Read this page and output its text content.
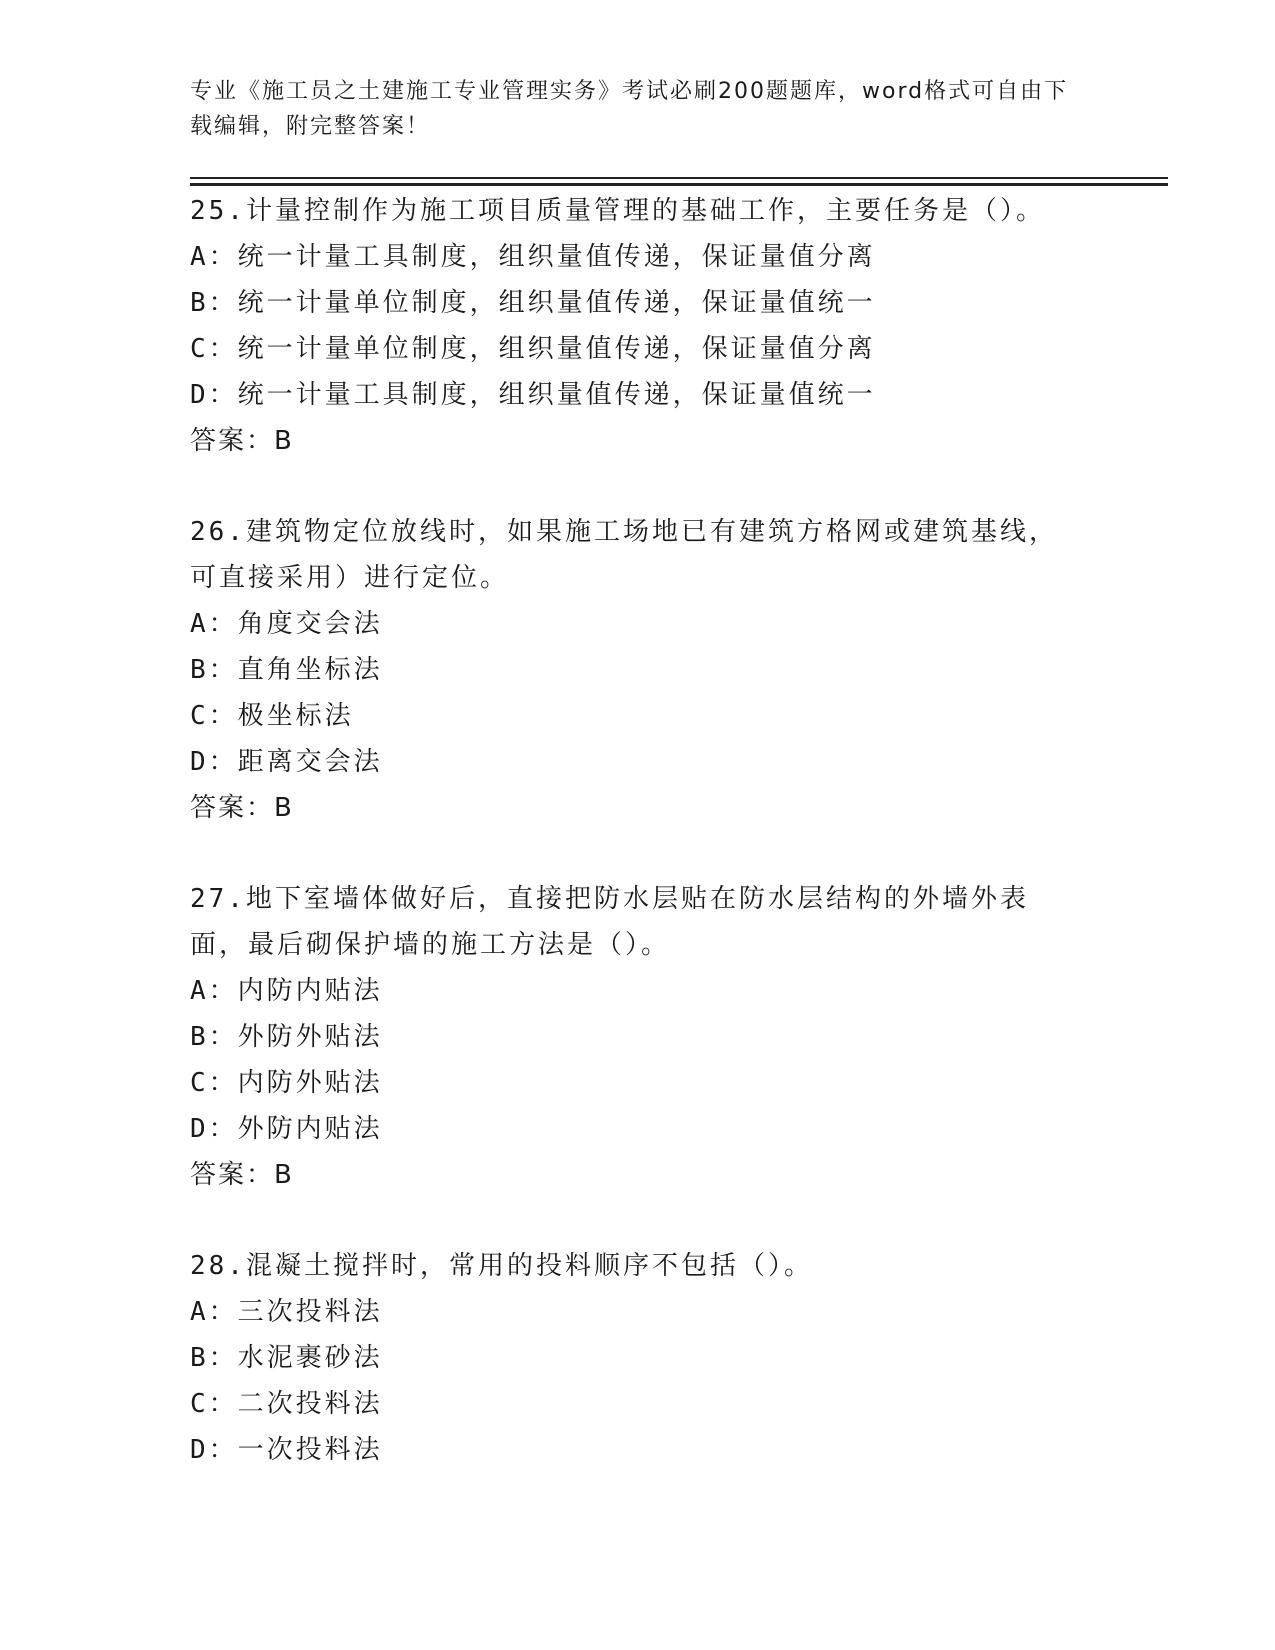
专业《施工员之土建施工专业管理实务》考试必刷200题题库，word格式可自由下载编辑，附完整答案！
25.计量控制作为施工项目质量管理的基础工作，主要任务是（）。
A：统一计量工具制度，组织量值传递，保证量值分离
B：统一计量单位制度，组织量值传递，保证量值统一
C：统一计量单位制度，组织量值传递，保证量值分离
D：统一计量工具制度，组织量值传递，保证量值统一
答案：B
26.建筑物定位放线时，如果施工场地已有建筑方格网或建筑基线，可直接采用）进行定位。
A：角度交会法
B：直角坐标法
C：极坐标法
D：距离交会法
答案：B
27.地下室墙体做好后，直接把防水层贴在防水层结构的外墙外表面，最后砌保护墙的施工方法是（）。
A：内防内贴法
B：外防外贴法
C：内防外贴法
D：外防内贴法
答案：B
28.混凝土搅拌时，常用的投料顺序不包括（）。
A：三次投料法
B：水泥裹砂法
C：二次投料法
D：一次投料法
